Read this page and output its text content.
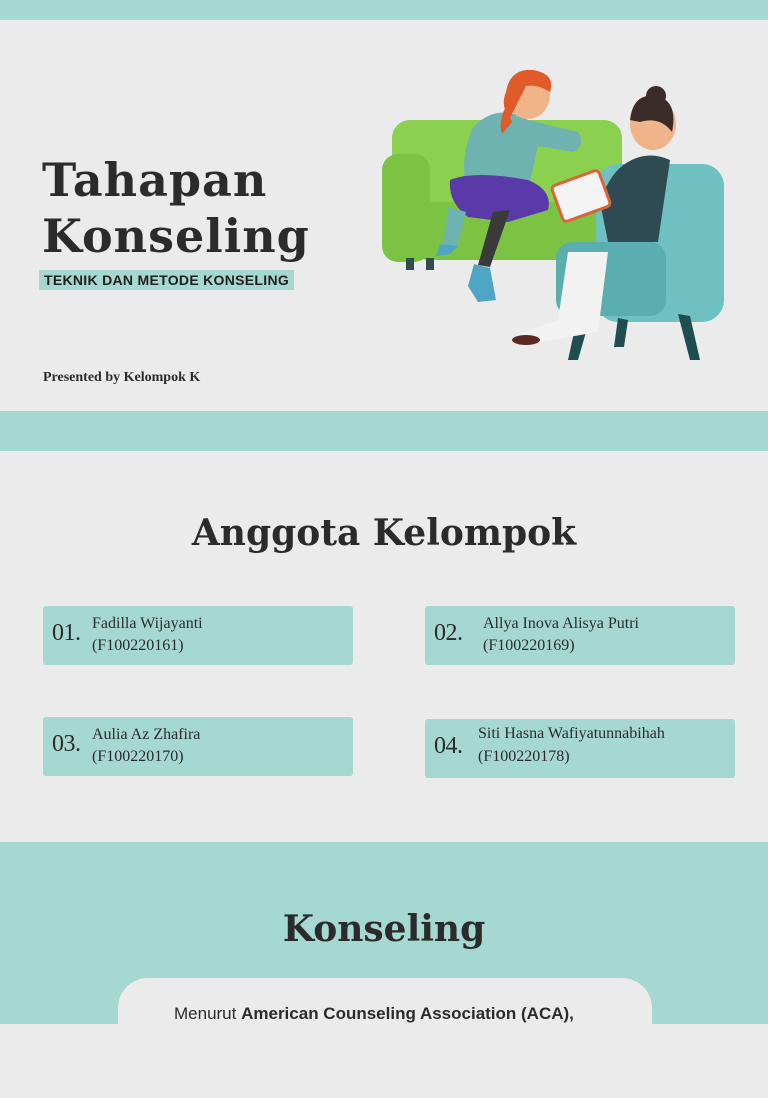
Tahapan
Konseling
TEKNIK DAN METODE KONSELING
Presented by Kelompok K
Anggota Kelompok
01. Fadilla Wijayanti
(F100220161)	02. Allya Inova Alisya Putri
(F100220169)
03. Aulia Az Zhafira
(F100220170)	04. Siti Hasna Wafiyatunnabihah
(F100220178)
Konseling
Menurut American Counseling Association (ACA),
